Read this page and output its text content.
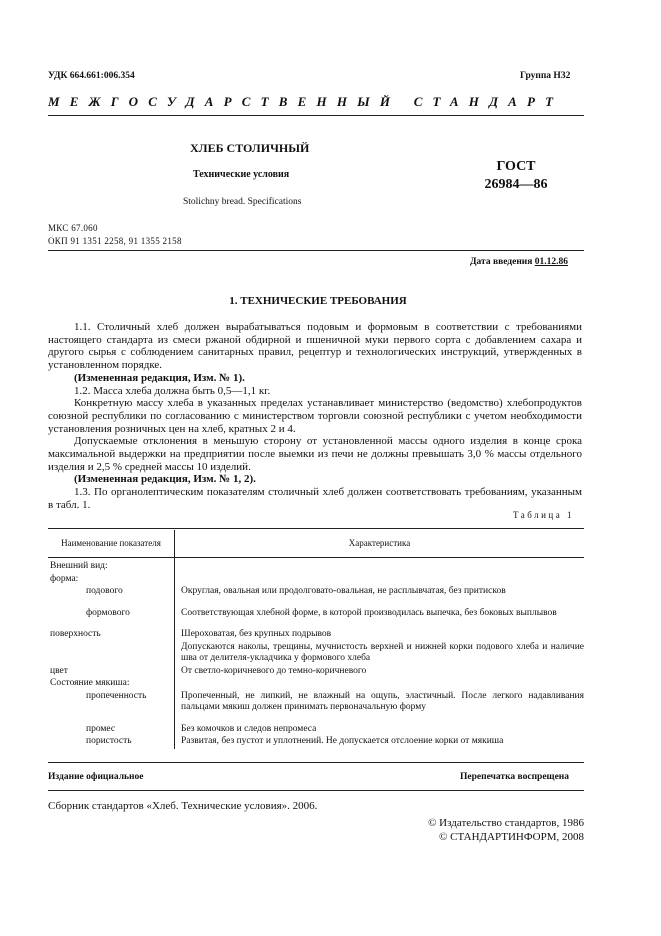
УДК 664.661:006.354	Группа Н32
МЕЖГОСУДАРСТВЕННЫЙ СТАНДАРТ
ХЛЕБ СТОЛИЧНЫЙ
Технические условия
Stolichny bread. Specifications
ГОСТ
26984—86
МКС 67.060
ОКП 91 1351 2258, 91 1355 2158
Дата введения 01.12.86
1. ТЕХНИЧЕСКИЕ ТРЕБОВАНИЯ

1.1. Столичный хлеб должен вырабатываться подовым и формовым в соответствии с требованиями настоящего стандарта из смеси ржаной обдирной и пшеничной муки первого сорта с добавлением сахара и другого сырья с соблюдением санитарных правил, рецептур и технологических инструкций, утвержденных в установленном порядке.

(Измененная редакция, Изм. № 1).

1.2. Масса хлеба должна быть 0,5—1,1 кг.

Конкретную массу хлеба в указанных пределах устанавливает министерство (ведомство) хлебопродуктов союзной республики по согласованию с министерством торговли союзной республики с учетом необходимости установления розничных цен на хлеб, кратных 2 и 4.

Допускаемые отклонения в меньшую сторону от установленной массы одного изделия в конце срока максимальной выдержки на предприятии после выемки из печи не должны превышать 3,0 % массы отдельного изделия и 2,5 % средней массы 10 изделий.

(Измененная редакция, Изм. № 1, 2).

1.3. По органолептическим показателям столичный хлеб должен соответствовать требованиям, указанным в табл. 1.

Таблица 1
Наименование показателя	Характеристика

Внешний вид:	
форма:	
подового	Округлая, овальная или продолговато-овальная, не расплывчатая, без притисков
формового	Соответствующая хлебной форме, в которой производилась выпечка, без боковых выплывов
поверхность	Шероховатая, без крупных подрывов
	Допускаются наколы, трещины, мучнистость верхней и нижней корки подового хлеба и наличие шва от делителя-укладчика у формового хлеба
цвет	От светло-коричневого до темно-коричневого
Состояние мякиша:	
пропеченность	Пропеченный, не липкий, не влажный на ощупь, эластичный. После легкого надавливания пальцами мякиш должен принимать первоначальную форму
промес	Без комочков и следов непромеса
пористость	Развитая, без пустот и уплотнений. Не допускается отслоение корки от мякиша
Издание официальное	Перепечатка воспрещена
Сборник стандартов «Хлеб. Технические условия». 2006.
© Издательство стандартов, 1986
© СТАНДАРТИНФОРМ, 2008
